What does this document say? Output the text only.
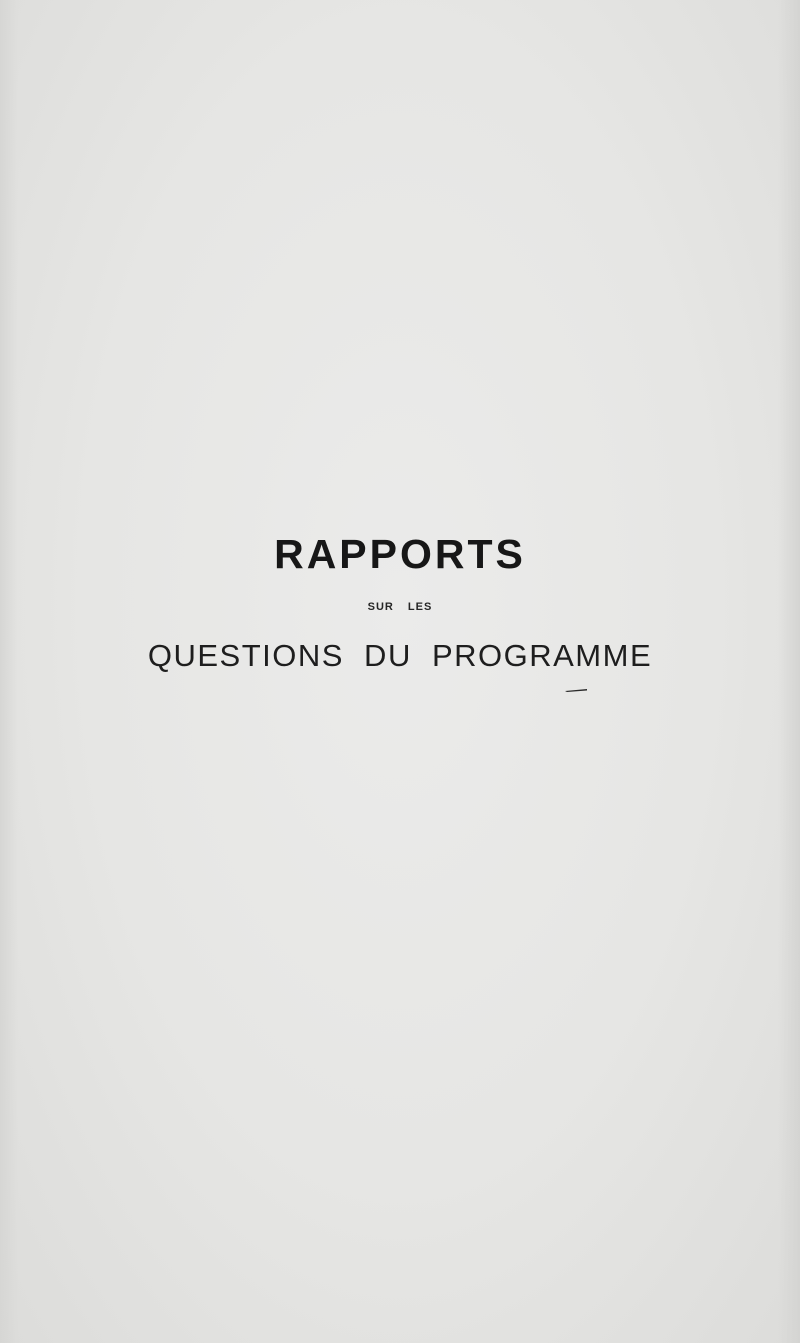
RAPPORTS
SUR LES
QUESTIONS DU PROGRAMME
